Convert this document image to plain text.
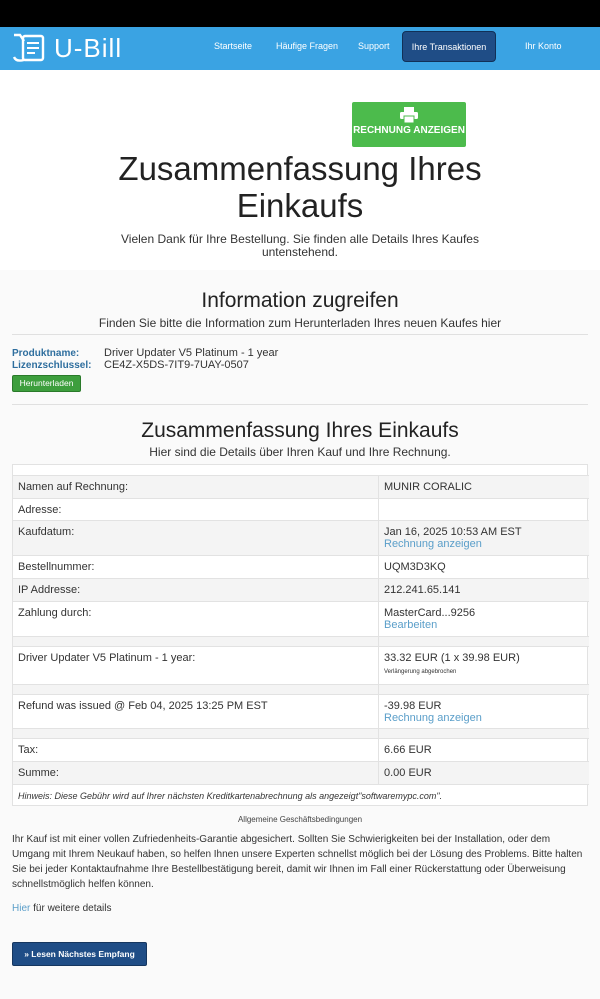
U-Bill	Startseite	Häufige Fragen Support	Ihre Transaktionen	Ihr Konto
RECHNUNG ANZEIGEN
Zusammenfassung Ihres
Einkaufs
Vielen Dank für Ihre Bestellung. Sie finden alle Details Ihres Kaufes
untenstehend.
Information zugreifen
Finden Sie bitte die Information zum Herunterladen Ihres neuen Kaufes hier
Produktname: Driver Updater V5 Platinum - 1 year
Lizenzschlussel: CE4Z-X5DS-7IT9-7UAY-0507
Herunterladen
Zusammenfassung Ihres Einkaufs
Hier sind die Details über Ihren Kauf und Ihre Rechnung.
Namen auf Rechnung:	MUNIR CORALIC
Adresse:
Kaufdatum:	Jan 16, 2025 10:53 AM EST
Rechnung anzeigen
Bestellnummer:	UQM3D3KQ
IP Addresse:	212.241.65.141
Zahlung durch:	MasterCard...9256
Bearbeiten
Driver Updater V5 Platinum - 1 year:	33.32 EUR (1 x 39.98 EUR)
Verlängerung abgebrochen
Refund was issued @ Feb 04, 2025 13:25 PM EST	-39.98 EUR
Rechnung anzeigen
Tax:	6.66 EUR
Summe:	0.00 EUR
Hinweis: Diese Gebühr wird auf Ihrer nächsten Kreditkartenabrechnung als angezeigt"softwaremypc.com".
Allgemeine Geschäftsbedingungen
Ihr Kauf ist mit einer vollen Zufriedenheits-Garantie abgesichert. Sollten Sie Schwierigkeiten bei der Installation, oder dem Umgang mit Ihrem Neukauf haben, so helfen Ihnen unsere Experten schnellst möglich bei der Lösung des Problems. Bitte halten Sie bei jeder Kontaktaufnahme Ihre Bestellbestätigung bereit, damit wir Ihnen im Fall einer Rückerstattung oder Überweisung schnellstmöglich helfen können.
Hier für weitere details
» Lesen Nächstes Empfang
